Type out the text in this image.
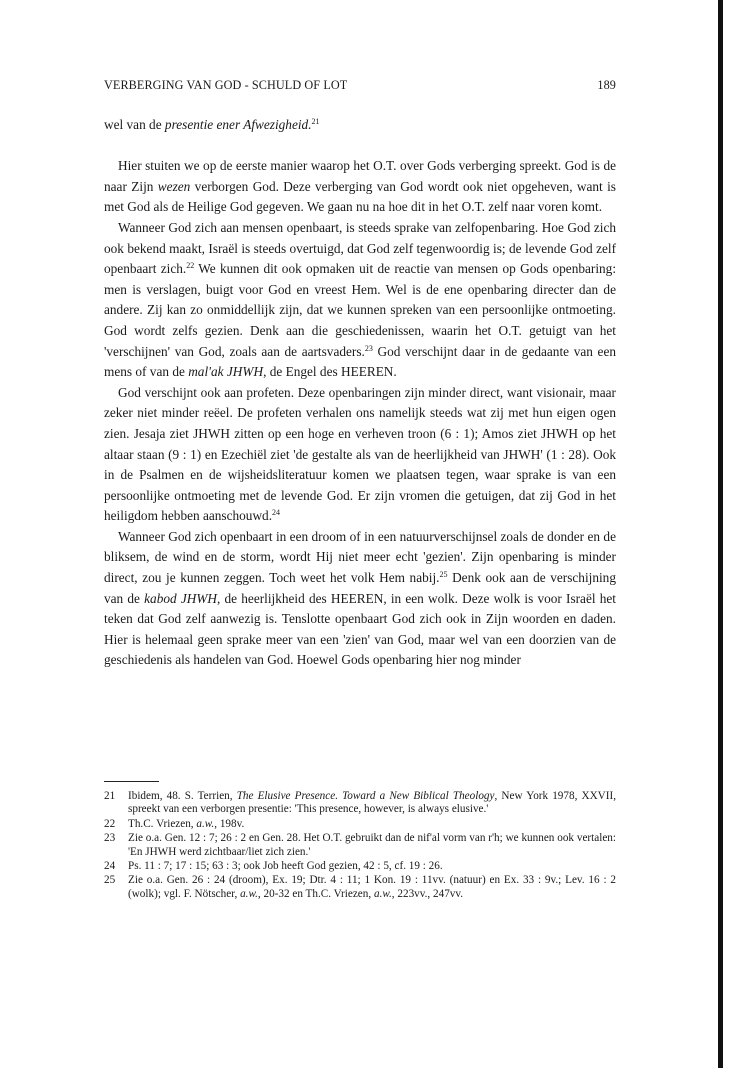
VERBERGING VAN GOD - SCHULD OF LOT	189

wel van de presentie ener Afwezigheid.$^{21}$

Hier stuiten we op de eerste manier waarop het O.T. over Gods verberging spreekt. God is de naar Zijn wezen verborgen God. Deze verberging van God wordt ook niet opgeheven, want is met God als de Heilige God gegeven. We gaan nu na hoe dit in het O.T. zelf naar voren komt.

Wanneer God zich aan mensen openbaart, is steeds sprake van zelfopenbaring. Hoe God zich ook bekend maakt, Israël is steeds overtuigd, dat God zelf tegenwoordig is; de levende God zelf openbaart zich.$^{22}$ We kunnen dit ook opmaken uit de reactie van mensen op Gods openbaring: men is verslagen, buigt voor God en vreest Hem. Wel is de ene openbaring directer dan de andere. Zij kan zo onmiddellijk zijn, dat we kunnen spreken van een persoonlijke ontmoeting. God wordt zelfs gezien. Denk aan die geschiedenissen, waarin het O.T. getuigt van het 'verschijnen' van God, zoals aan de aartsvaders.$^{23}$ God verschijnt daar in de gedaante van een mens of van de mal'ak JHWH, de Engel des HEEREN.

God verschijnt ook aan profeten. Deze openbaringen zijn minder direct, want visionair, maar zeker niet minder reëel. De profeten verhalen ons namelijk steeds wat zij met hun eigen ogen zien. Jesaja ziet JHWH zitten op een hoge en verheven troon (6 : 1); Amos ziet JHWH op het altaar staan (9 : 1) en Ezechiël ziet 'de gestalte als van de heerlijkheid van JHWH' (1 : 28). Ook in de Psalmen en de wijsheidsliteratuur komen we plaatsen tegen, waar sprake is van een persoonlijke ontmoeting met de levende God. Er zijn vromen die getuigen, dat zij God in het heiligdom hebben aanschouwd.$^{24}$

Wanneer God zich openbaart in een droom of in een natuurverschijnsel zoals de donder en de bliksem, de wind en de storm, wordt Hij niet meer echt 'gezien'. Zijn openbaring is minder direct, zou je kunnen zeggen. Toch weet het volk Hem nabij.$^{25}$ Denk ook aan de verschijning van de kabod JHWH, de heerlijkheid des HEEREN, in een wolk. Deze wolk is voor Israël het teken dat God zelf aanwezig is. Tenslotte openbaart God zich ook in Zijn woorden en daden. Hier is helemaal geen sprake meer van een 'zien' van God, maar wel van een doorzien van de geschiedenis als handelen van God. Hoewel Gods openbaring hier nog minder

21	Ibidem, 48. S. Terrien, The Elusive Presence. Toward a New Biblical Theology, New York 1978, XXVII, spreekt van een verborgen presentie: 'This presence, however, is always elusive.'
22	Th.C. Vriezen, a.w., 198v.
23	Zie o.a. Gen. 12 : 7; 26 : 2 en Gen. 28. Het O.T. gebruikt dan de nif'al vorm van r'h; we kunnen ook vertalen: 'En JHWH werd zichtbaar/liet zich zien.'
24	Ps. 11 : 7; 17 : 15; 63 : 3; ook Job heeft God gezien, 42 : 5, cf. 19 : 26.
25	Zie o.a. Gen. 26 : 24 (droom), Ex. 19; Dtr. 4 : 11; 1 Kon. 19 : 11vv. (natuur) en Ex. 33 : 9v.; Lev. 16 : 2 (wolk); vgl. F. Nötscher, a.w., 20-32 en Th.C. Vriezen, a.w., 223vv., 247vv.
